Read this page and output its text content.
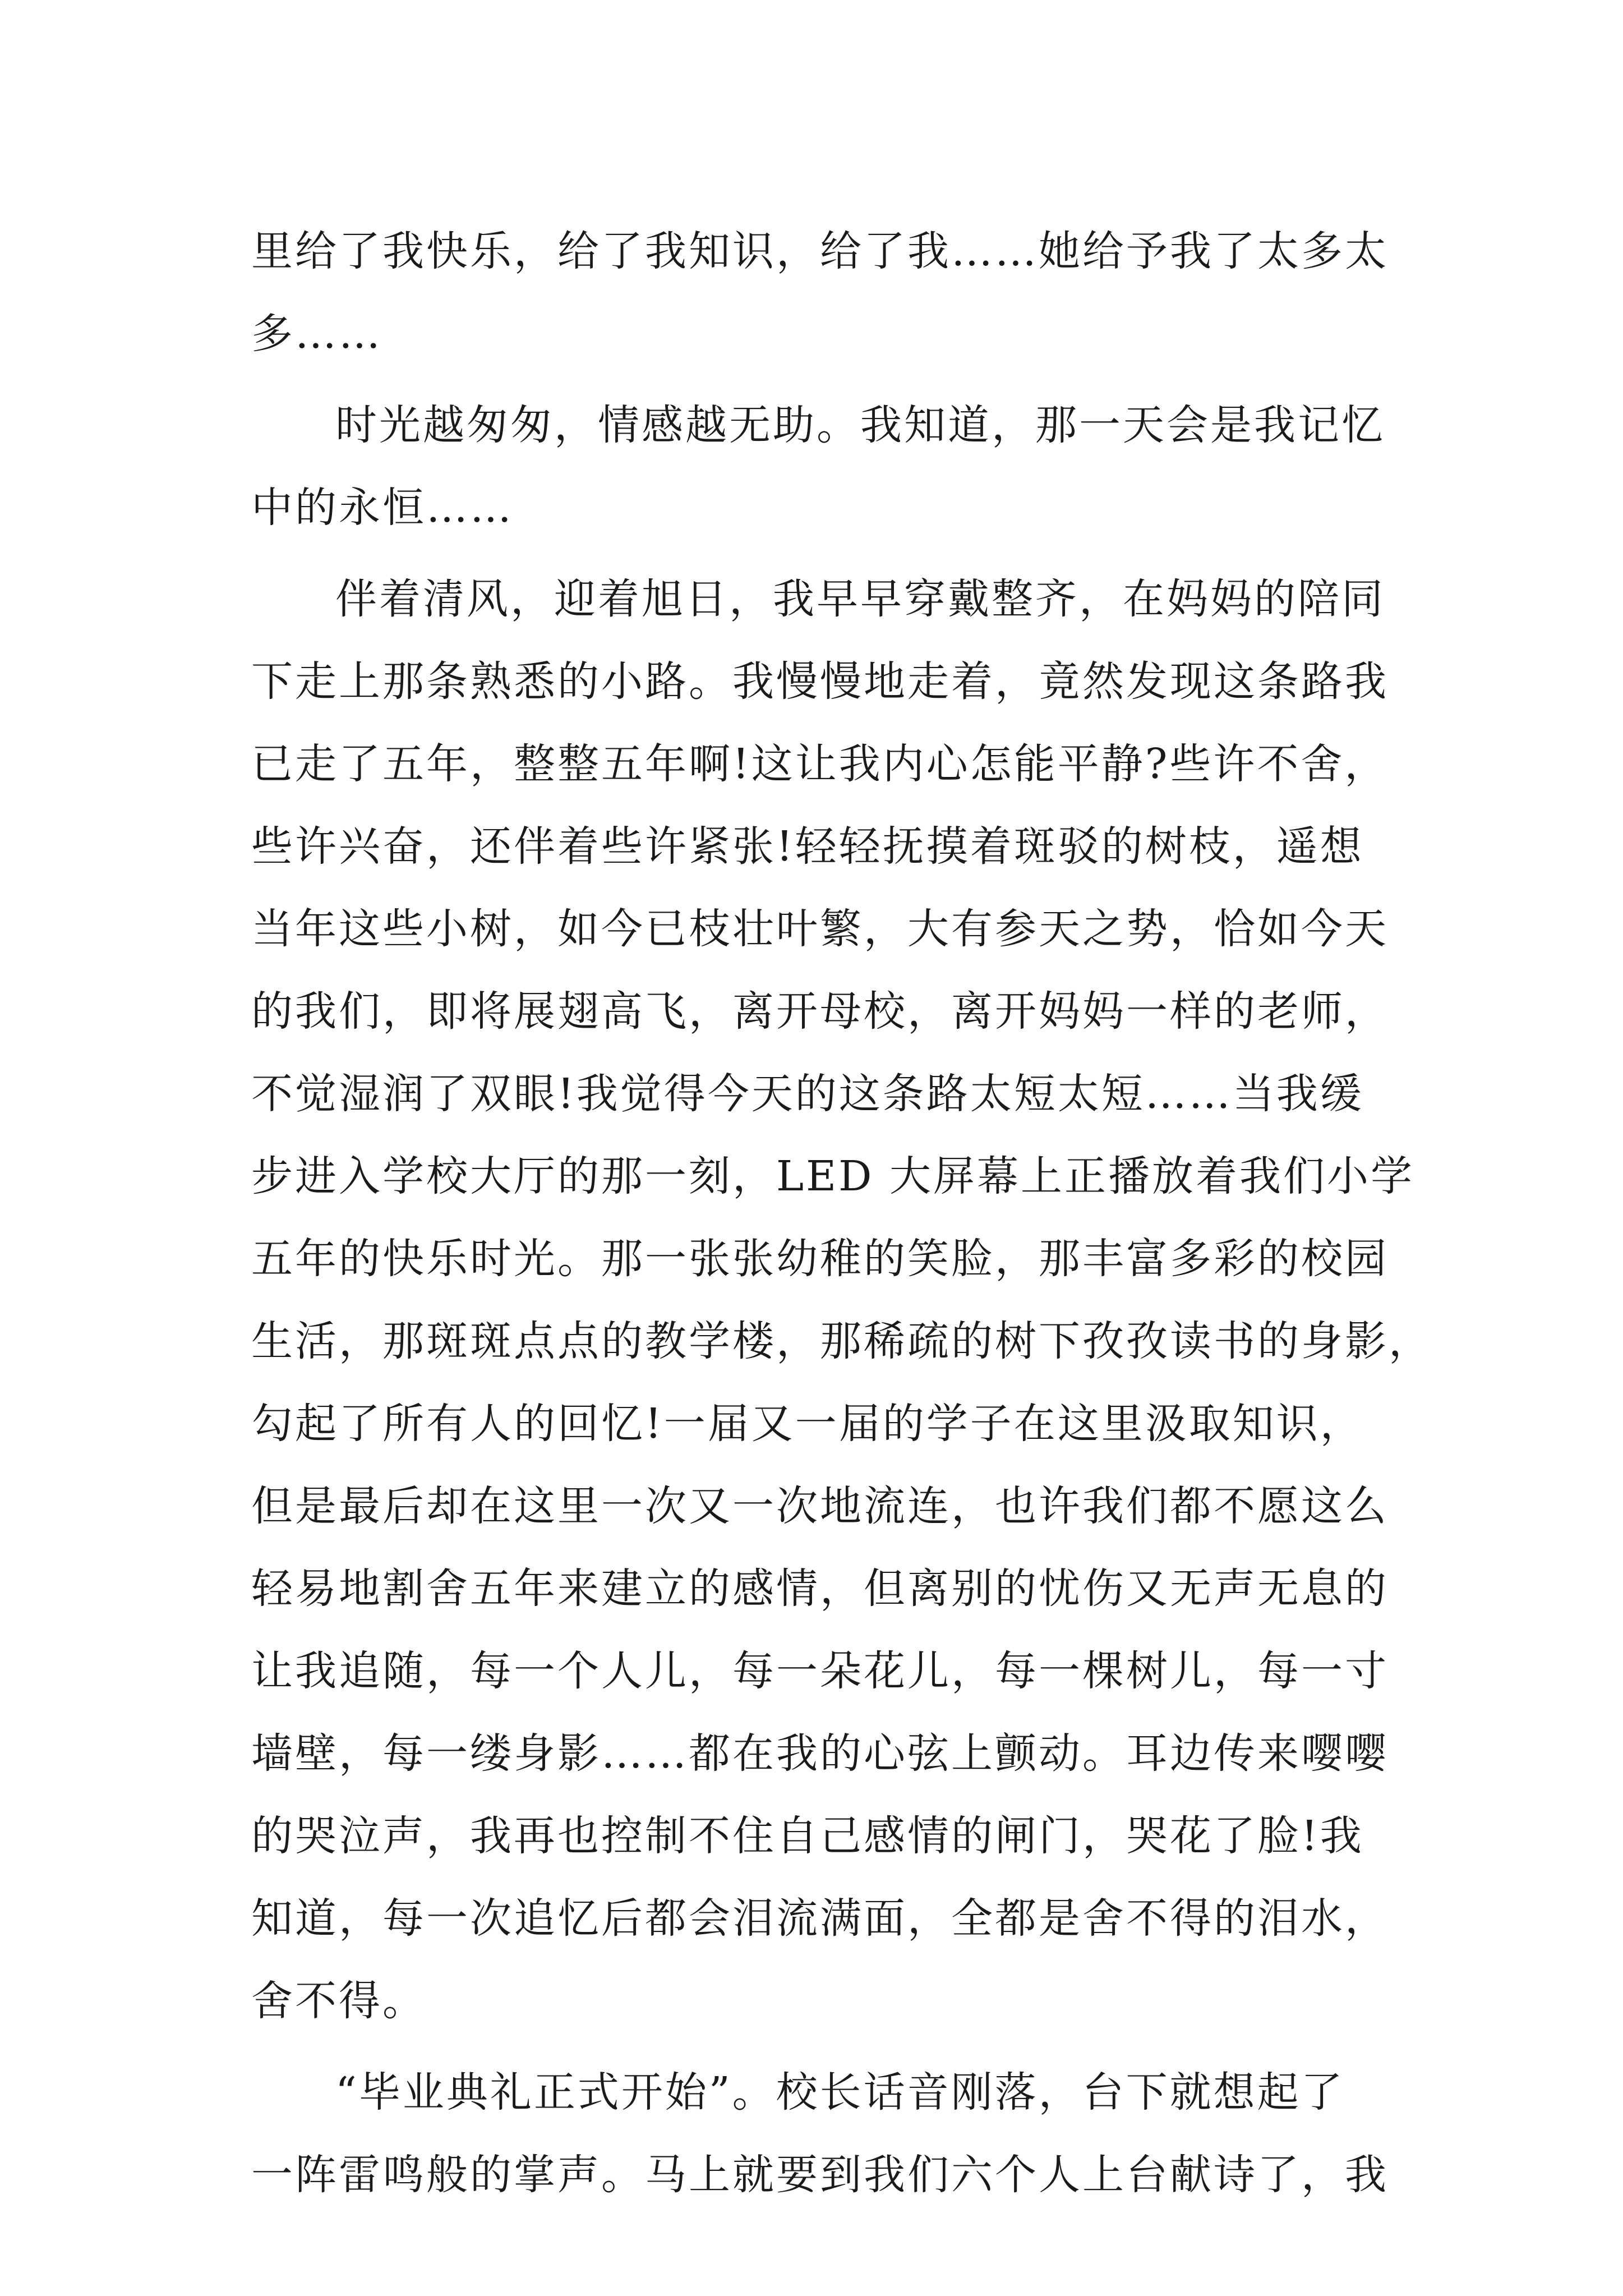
里给了我快乐，给了我知识，给了我……她给予我了太多太
多……
时光越匆匆，情感越无助。我知道，那一天会是我记忆
中的永恒……
伴着清风，迎着旭日，我早早穿戴整齐，在妈妈的陪同
下走上那条熟悉的小路。我慢慢地走着，竟然发现这条路我
已走了五年，整整五年啊!这让我内心怎能平静?些许不舍，
些许兴奋，还伴着些许紧张!轻轻抚摸着斑驳的树枝，遥想
当年这些小树，如今已枝壮叶繁，大有参天之势，恰如今天
的我们，即将展翅高飞，离开母校，离开妈妈一样的老师，
不觉湿润了双眼!我觉得今天的这条路太短太短……当我缓
步进入学校大厅的那一刻，LED 大屏幕上正播放着我们小学
五年的快乐时光。那一张张幼稚的笑脸，那丰富多彩的校园
生活，那斑斑点点的教学楼，那稀疏的树下孜孜读书的身影，
勾起了所有人的回忆!一届又一届的学子在这里汲取知识，
但是最后却在这里一次又一次地流连，也许我们都不愿这么
轻易地割舍五年来建立的感情，但离别的忧伤又无声无息的
让我追随，每一个人儿，每一朵花儿，每一棵树儿，每一寸
墙壁，每一缕身影……都在我的心弦上颤动。耳边传来嘤嘤
的哭泣声，我再也控制不住自己感情的闸门，哭花了脸!我
知道，每一次追忆后都会泪流满面，全都是舍不得的泪水，
舍不得。
“毕业典礼正式开始”。校长话音刚落，台下就想起了
一阵雷鸣般的掌声。马上就要到我们六个人上台献诗了，我
